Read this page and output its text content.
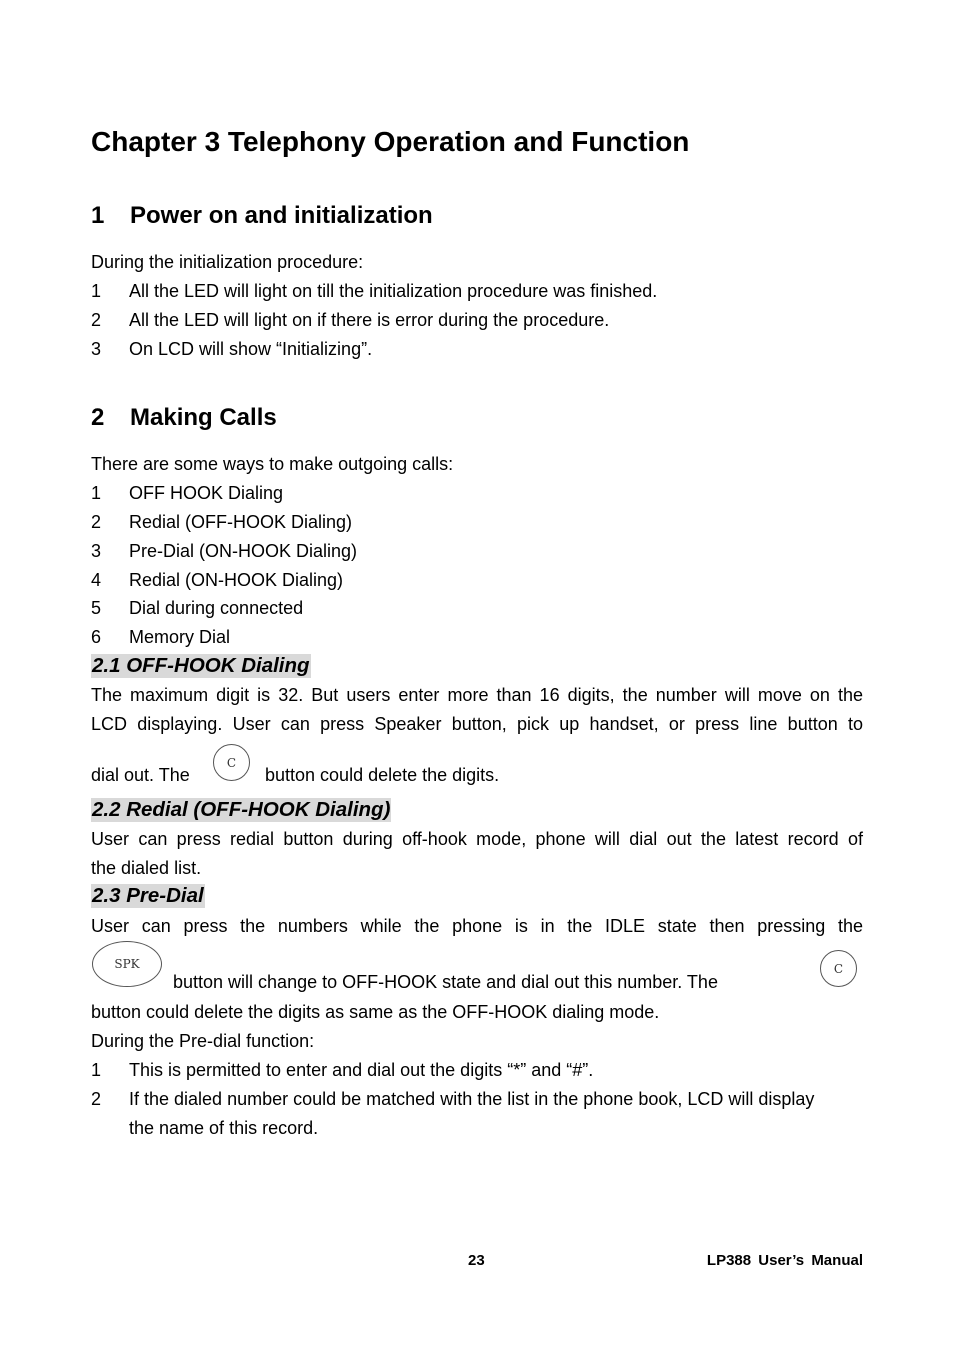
Chapter 3 Telephony Operation and Function
1 Power on and initialization
During the initialization procedure:
1 All the LED will light on till the initialization procedure was finished.
2 All the LED will light on if there is error during the procedure.
3 On LCD will show “Initializing”.
2 Making Calls
There are some ways to make outgoing calls:
1 OFF HOOK Dialing
2 Redial (OFF-HOOK Dialing)
3 Pre-Dial (ON-HOOK Dialing)
4 Redial (ON-HOOK Dialing)
5 Dial during connected
6 Memory Dial
2.1 OFF-HOOK Dialing
The maximum digit is 32. But users enter more than 16 digits, the number will move on the
LCD displaying. User can press Speaker button, pick up handset, or press line button to
dial out. The
C
button could delete the digits.
2.2 Redial (OFF-HOOK Dialing)
User can press redial button during off-hook mode, phone will dial out the latest record of
the dialed list.
2.3 Pre-Dial
User can press the numbers while the phone is in the IDLE state then pressing the
SPK
button will change to OFF-HOOK state and dial out this number. The
C
button could delete the digits as same as the OFF-HOOK dialing mode.
During the Pre-dial function:
1 This is permitted to enter and dial out the digits “*” and “#”.
2 If the dialed number could be matched with the list in the phone book, LCD will display
the name of this record.
23	LP388 User’s Manual
